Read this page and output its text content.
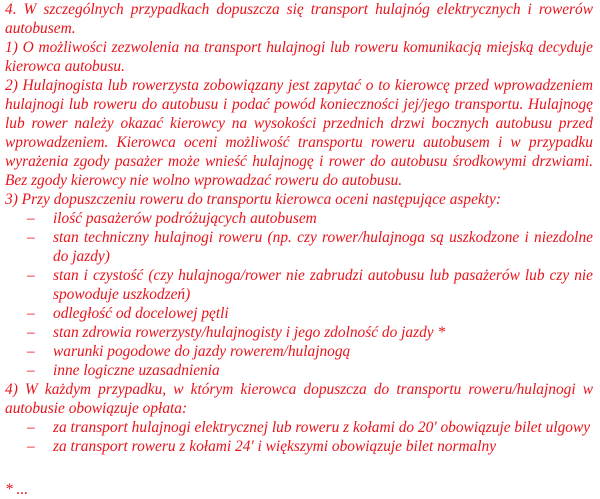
4. W szczególnych przypadkach dopuszcza się transport hulajnóg elektrycznych i rowerów autobusem.

1) O możliwości zezwolenia na transport hulajnogi lub roweru komunikacją miejską decyduje kierowca autobusu.

2) Hulajnogista lub rowerzysta zobowiązany jest zapytać o to kierowcę przed wprowadzeniem hulajnogi lub roweru do autobusu i podać powód konieczności jej/jego transportu. Hulajnogę lub rower należy okazać kierowcy na wysokości przednich drzwi bocznych autobusu przed wprowadzeniem. Kierowca oceni możliwość transportu roweru autobusem i w przypadku wyrażenia zgody pasażer może wnieść hulajnogę i rower do autobusu środkowymi drzwiami. Bez zgody kierowcy nie wolno wprowadzać roweru do autobusu.

3) Przy dopuszczeniu roweru do transportu kierowca oceni następujące aspekty:

– ilość pasażerów podróżujących autobusem
– stan techniczny hulajnogi roweru (np. czy rower/hulajnoga są uszkodzone i niezdolne do jazdy)
– stan i czystość (czy hulajnoga/rower nie zabrudzi autobusu lub pasażerów lub czy nie spowoduje uszkodzeń)
– odległość od docelowej pętli
– stan zdrowia rowerzysty/hulajnogisty i jego zdolność do jazdy *
– warunki pogodowe do jazdy rowerem/hulajnogą
– inne logiczne uzasadnienia

4) W każdym przypadku, w którym kierowca dopuszcza do transportu roweru/hulajnogi w autobusie obowiązuje opłata:

– za transport hulajnogi elektrycznej lub roweru z kołami do 20' obowiązuje bilet ulgowy
– za transport roweru z kołami 24' i większymi obowiązuje bilet normalny
* ...
